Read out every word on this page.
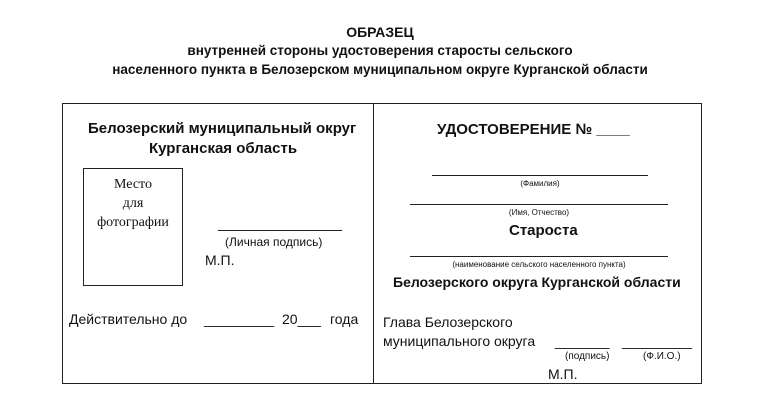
ОБРАЗЕЦ
внутренней стороны удостоверения старосты сельского
населенного пункта в Белозерском муниципальном округе Курганской области
Белозерский муниципальный округ
Курганская область
Место
для
фотографии
(Личная подпись)
М.П.
Действительно до _________ 20___ года
УДОСТОВЕРЕНИЕ № ____
(Фамилия)
(Имя, Отчество)
Староста
(наименование сельского населенного пункта)
Белозерского округа Курганской области
Глава Белозерского
муниципального округа _______ _________
(подпись)	(Ф.И.О.)
М.П.
